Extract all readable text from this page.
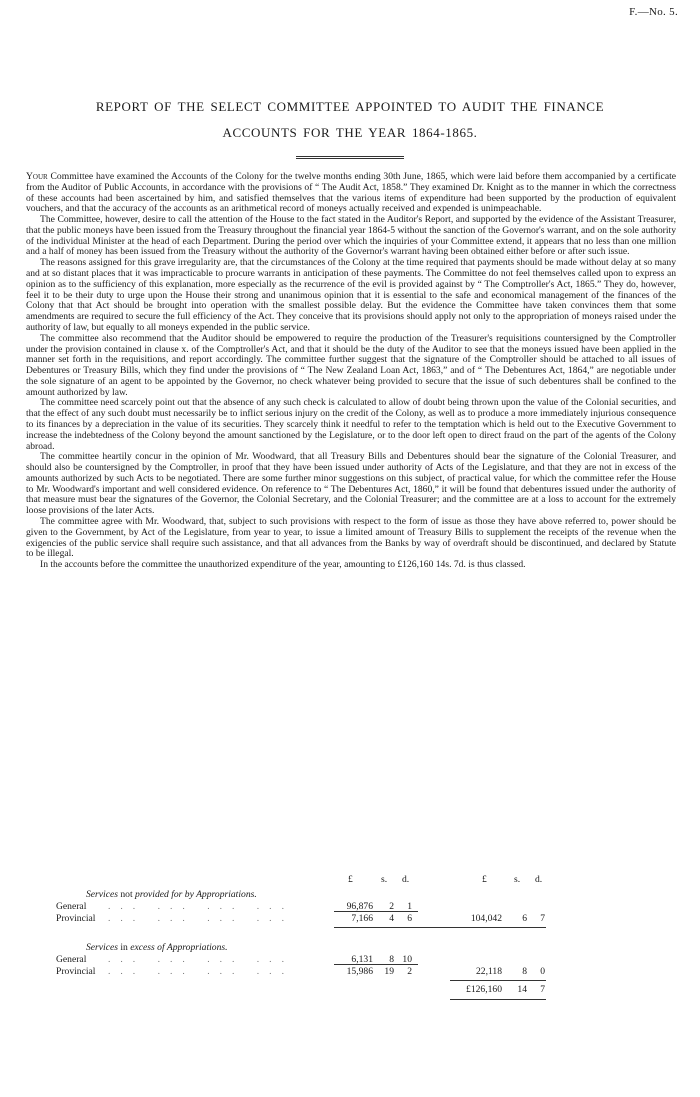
F.—No. 5.
REPORT OF THE SELECT COMMITTEE APPOINTED TO AUDIT THE FINANCE
ACCOUNTS FOR THE YEAR 1864-1865.

Your Committee have examined the Accounts of the Colony for the twelve months ending 30th June, 1865, which were laid before them accompanied by a certificate from the Auditor of Public Accounts, in accordance with the provisions of “ The Audit Act, 1858.” They examined Dr. Knight as to the manner in which the correctness of these accounts had been ascertained by him, and satisfied themselves that the various items of expenditure had been supported by the production of equivalent vouchers, and that the accuracy of the accounts as an arithmetical record of moneys actually received and expended is unimpeachable.

The Committee, however, desire to call the attention of the House to the fact stated in the Auditor's Report, and supported by the evidence of the Assistant Treasurer, that the public moneys have been issued from the Treasury throughout the financial year 1864-5 without the sanction of the Governor's warrant, and on the sole authority of the individual Minister at the head of each Department. During the period over which the inquiries of your Committee extend, it appears that no less than one million and a half of money has been issued from the Treasury without the authority of the Governor's warrant having been obtained either before or after such issue.

The reasons assigned for this grave irregularity are, that the circumstances of the Colony at the time required that payments should be made without delay at so many and at so distant places that it was impracticable to procure warrants in anticipation of these payments. The Committee do not feel themselves called upon to express an opinion as to the sufficiency of this explanation, more especially as the recurrence of the evil is provided against by “ The Comptroller's Act, 1865.” They do, however, feel it to be their duty to urge upon the House their strong and unanimous opinion that it is essential to the safe and economical management of the finances of the Colony that that Act should be brought into operation with the smallest possible delay. But the evidence the Committee have taken convinces them that some amendments are required to secure the full efficiency of the Act. They conceive that its provisions should apply not only to the appropriation of moneys raised under the authority of law, but equally to all moneys expended in the public service.

The committee also recommend that the Auditor should be empowered to require the production of the Treasurer's requisitions countersigned by the Comptroller under the provision contained in clause x. of the Comptroller's Act, and that it should be the duty of the Auditor to see that the moneys issued have been applied in the manner set forth in the requisitions, and report accordingly. The committee further suggest that the signature of the Comptroller should be attached to all issues of Debentures or Treasury Bills, which they find under the provisions of “ The New Zealand Loan Act, 1863,” and of “ The Debentures Act, 1864,” are negotiable under the sole signature of an agent to be appointed by the Governor, no check whatever being provided to secure that the issue of such debentures shall be confined to the amount authorized by law.

The committee need scarcely point out that the absence of any such check is calculated to allow of doubt being thrown upon the value of the Colonial securities, and that the effect of any such doubt must necessarily be to inflict serious injury on the credit of the Colony, as well as to produce a more immediately injurious consequence to its finances by a depreciation in the value of its securities. They scarcely think it needful to refer to the temptation which is held out to the Executive Government to increase the indebtedness of the Colony beyond the amount sanctioned by the Legislature, or to the door left open to direct fraud on the part of the agents of the Colony abroad.

The committee heartily concur in the opinion of Mr. Woodward, that all Treasury Bills and Debentures should bear the signature of the Colonial Treasurer, and should also be countersigned by the Comptroller, in proof that they have been issued under authority of Acts of the Legislature, and that they are not in excess of the amounts authorized by such Acts to be negotiated. There are some further minor suggestions on this subject, of practical value, for which the committee refer the House to Mr. Woodward's important and well considered evidence. On reference to “ The Debentures Act, 1860,” it will be found that debentures issued under the authority of that measure must bear the signatures of the Governor, the Colonial Secretary, and the Colonial Treasurer; and the committee are at a loss to account for the extremely loose provisions of the later Acts.

The committee agree with Mr. Woodward, that, subject to such provisions with respect to the form of issue as those they have above referred to, power should be given to the Government, by Act of the Legislature, from year to year, to issue a limited amount of Treasury Bills to supplement the receipts of the revenue when the exigencies of the public service shall require such assistance, and that all advances from the Banks by way of overdraft should be discontinued, and declared by Statute to be illegal.

In the accounts before the committee the unauthorized expenditure of the year, amounting to £126,160 14s. 7d. is thus classed.

£	s. d.	£	s. d.
Services not provided for by Appropriations.
General ... ... ... ...	96,876	2	1
Provincial ... ... ... ...	7,166	4	6	104,042	6	7
Services in excess of Appropriations.
General ... ... ... ...	6,131	8 10
Provincial ... ... ... ...	15,986	19	2	22,118	8	0
£126,160	14	7
